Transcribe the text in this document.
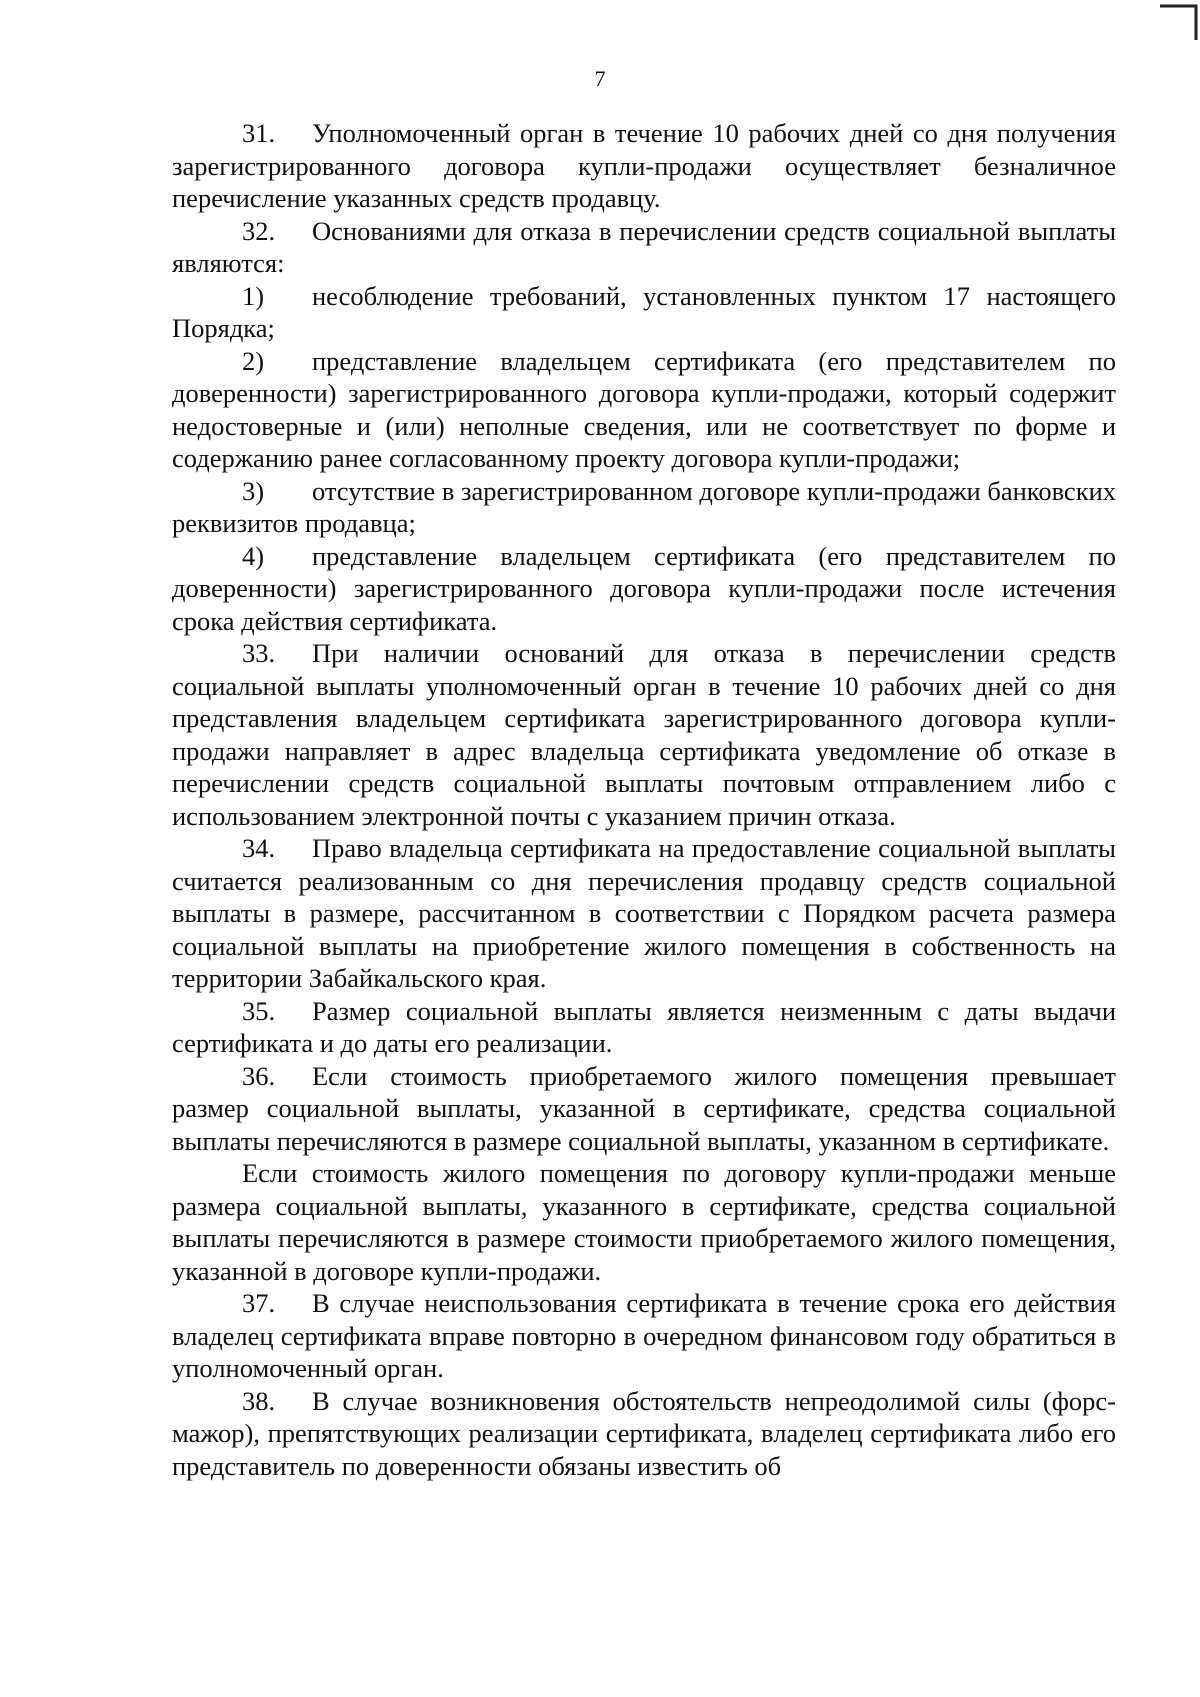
7

31. Уполномоченный орган в течение 10 рабочих дней со дня получения зарегистрированного договора купли-продажи осуществляет безналичное перечисление указанных средств продавцу.

32. Основаниями для отказа в перечислении средств социальной выплаты являются:

1) несоблюдение требований, установленных пунктом 17 настоящего Порядка;

2) представление владельцем сертификата (его представителем по доверенности) зарегистрированного договора купли-продажи, который содержит недостоверные и (или) неполные сведения, или не соответствует по форме и содержанию ранее согласованному проекту договора купли-продажи;

3) отсутствие в зарегистрированном договоре купли-продажи банковских реквизитов продавца;

4) представление владельцем сертификата (его представителем по доверенности) зарегистрированного договора купли-продажи после истечения срока действия сертификата.

33. При наличии оснований для отказа в перечислении средств социальной выплаты уполномоченный орган в течение 10 рабочих дней со дня представления владельцем сертификата зарегистрированного договора купли-продажи направляет в адрес владельца сертификата уведомление об отказе в перечислении средств социальной выплаты почтовым отправлением либо с использованием электронной почты с указанием причин отказа.

34. Право владельца сертификата на предоставление социальной выплаты считается реализованным со дня перечисления продавцу средств социальной выплаты в размере, рассчитанном в соответствии с Порядком расчета размера социальной выплаты на приобретение жилого помещения в собственность на территории Забайкальского края.

35. Размер социальной выплаты является неизменным с даты выдачи сертификата и до даты его реализации.

36. Если стоимость приобретаемого жилого помещения превышает размер социальной выплаты, указанной в сертификате, средства социальной выплаты перечисляются в размере социальной выплаты, указанном в сертификате.

Если стоимость жилого помещения по договору купли-продажи меньше размера социальной выплаты, указанного в сертификате, средства социальной выплаты перечисляются в размере стоимости приобретаемого жилого помещения, указанной в договоре купли-продажи.

37. В случае неиспользования сертификата в течение срока его действия владелец сертификата вправе повторно в очередном финансовом году обратиться в уполномоченный орган.

38. В случае возникновения обстоятельств непреодолимой силы (форс-мажор), препятствующих реализации сертификата, владелец сертификата либо его представитель по доверенности обязаны известить об
